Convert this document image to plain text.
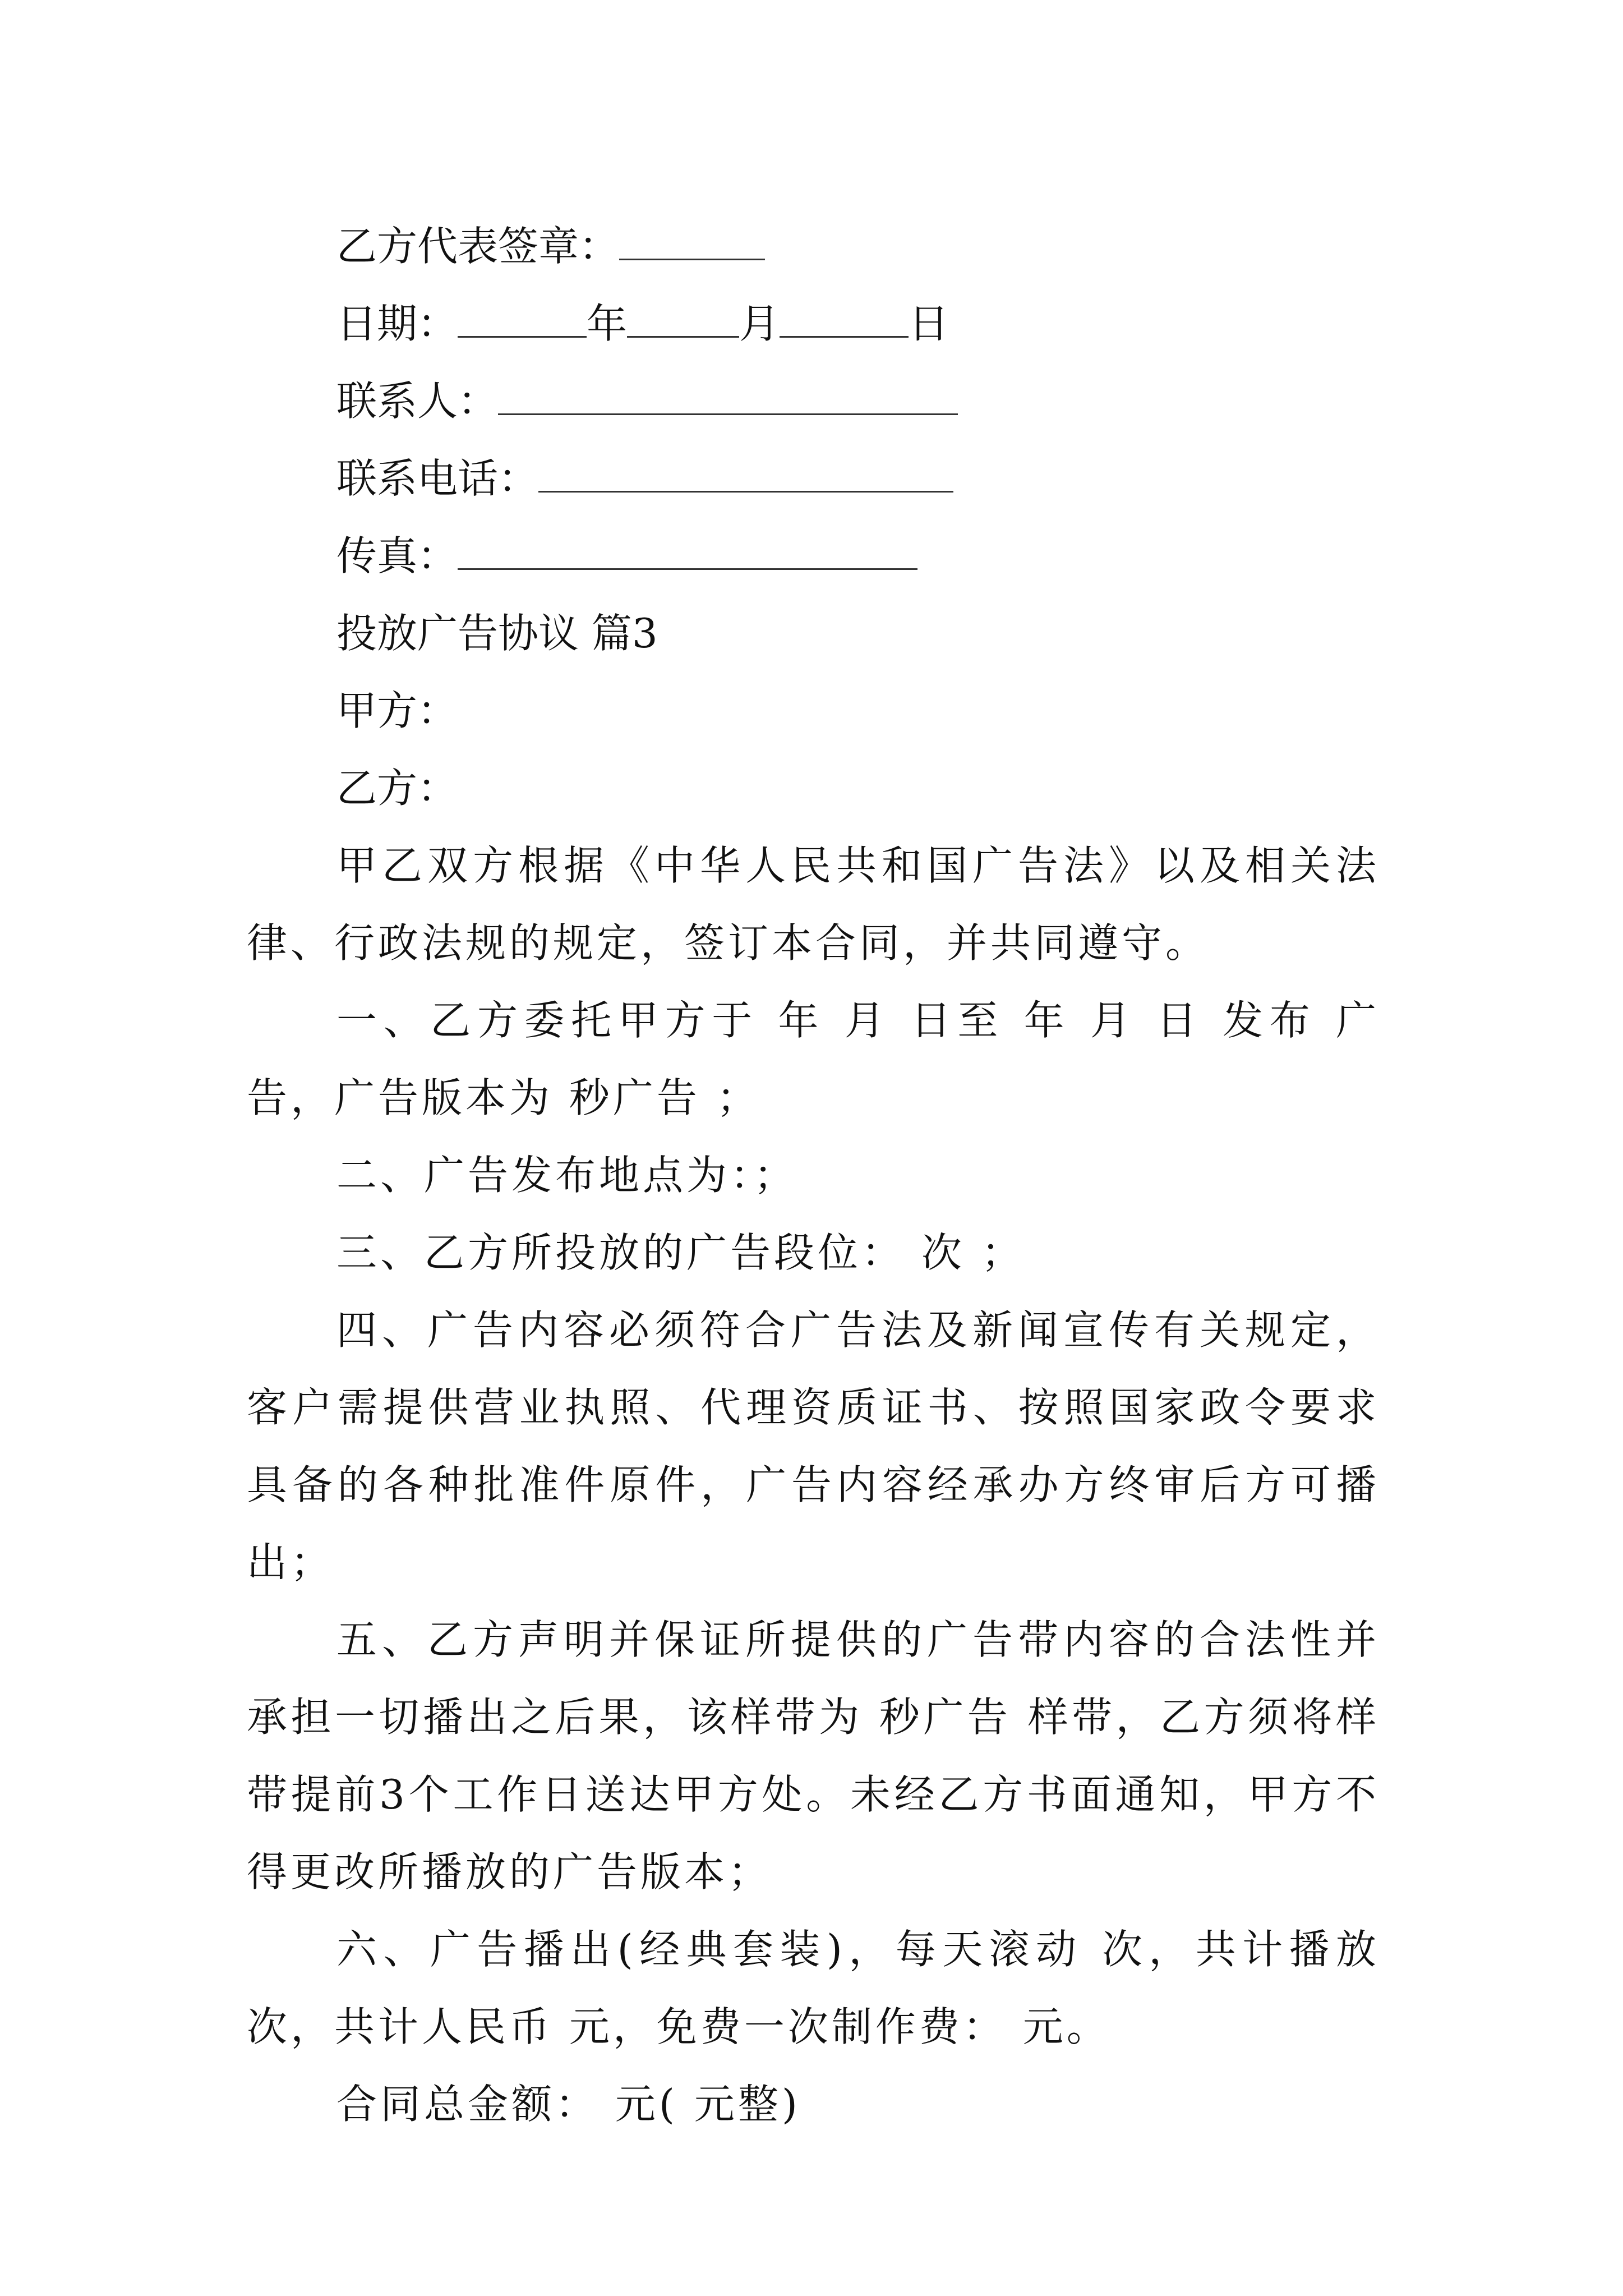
乙方代表签章：

日期：	年	月	日

联系人：

联系电话：

传真：

投放广告协议 篇3

甲方：

乙方：

甲乙双方根据《中华人民共和国广告法》以及相关法律、行政法规的规定，签订本合同，并共同遵守。

一、乙方委托甲方于 年 月 日至 年 月 日 发布 广告，广告版本为 秒广告 ；

二、广告发布地点为：；

三、乙方所投放的广告段位： 次 ；

四、广告内容必须符合广告法及新闻宣传有关规定，客户需提供营业执照、代理资质证书、按照国家政令要求具备的各种批准件原件，广告内容经承办方终审后方可播出；

五、乙方声明并保证所提供的广告带内容的合法性并承担一切播出之后果，该样带为 秒广告 样带，乙方须将样带提前3个工作日送达甲方处。未经乙方书面通知，甲方不得更改所播放的广告版本；

六、广告播出(经典套装)，每天滚动 次，共计播放 次，共计人民币 元，免费一次制作费： 元。

合同总金额： 元( 元整)
